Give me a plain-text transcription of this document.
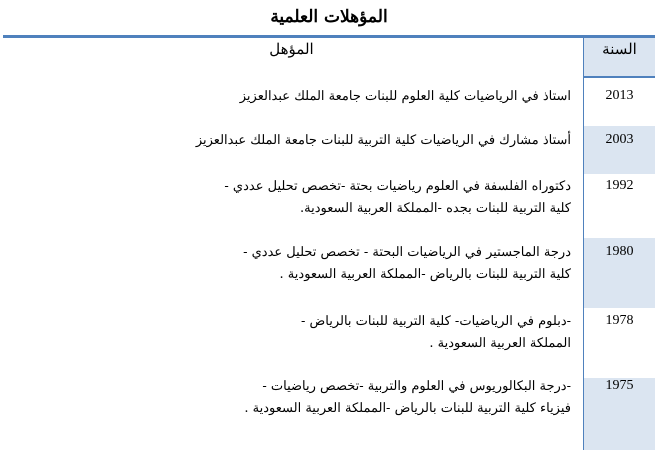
المؤهلات العلمية
السنة
المؤهل
2013
استاذ في الرياضيات كلية العلوم للبنات جامعة الملك عبدالعزيز
2003
أستاذ مشارك في الرياضيات كلية التربية للبنات جامعة الملك عبدالعزيز
1992
دكتوراه الفلسفة في العلوم رياضيات بحتة -تخصص تحليل عددي -
كلية التربية للبنات بجده -المملكة العربية السعودية.
1980
درجة الماجستير في الرياضيات البحتة - تخصص تحليل عددي -
كلية التربية للبنات بالرياض -المملكة العربية السعودية .
1978
-دبلوم في الرياضيات- كلية التربية للبنات بالرياض -
المملكة العربية السعودية .
1975
-درجة البكالوريوس في العلوم والتربية -تخصص رياضيات -
فيزياء كلية التربية للبنات بالرياض -المملكة العربية السعودية .
